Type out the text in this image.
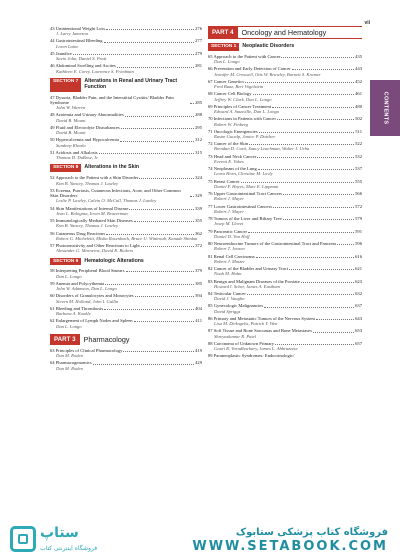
vii
43 Unintentional Weight Loss	276
J. Larry Jameson
44 Gastrointestinal Bleeding	277
Loren Laine
45 Jaundice	279
Savio John, Daniel S. Pratt
46 Abdominal Swelling and Ascites	281
Kathleen E. Corey, Lawrence S. Friedman
SECTION 7	Alterations in Renal and Urinary Tract Function
47 Dysuria, Bladder Pain, and the Interstitial Cystitis/ Bladder Pain Syndrome	285
John W. Warren
48 Azotemia and Urinary Abnormalities	288
David B. Mount
49 Fluid and Electrolyte Disturbances	295
David B. Mount
50 Hypercalcemia and Hypocalcemia	312
Sundeep Khosla
51 Acidosis and Alkalosis	315
Thomas D. DuBose, Jr.
SECTION 8	Alterations in the Skin
52 Approach to the Patient with a Skin Disorder	324
Kim B. Yancey, Thomas J. Lawley
53 Eczema, Psoriasis, Cutaneous Infections, Acne, and Other Common Skin Disorders	329
Leslie P. Lawley, Calvin O. McCall, Thomas J. Lawley
54 Skin Manifestations of Internal Disease	339
Jean L. Bolognia, Irwin M. Braverman
55 Immunologically Mediated Skin Diseases	355
Kim B. Yancey, Thomas J. Lawley
56 Cutaneous Drug Reactions	362
Robert G. Micheletti, Misha Rosenbach, Bruce U. Wintroub, Kanade Shinkai
57 Photosensitivity and Other Reactions to Light	372
Alexander G. Marneros, David R. Bickers
SECTION 9	Hematologic Alterations
58 Interpreting Peripheral Blood Smears	379
Dan L. Longo
59 Anemia and Polycythemia	385
John W. Adamson, Dan L. Longo
60 Disorders of Granulocytes and Monocytes	394
Steven M. Holland, John I. Gallin
61 Bleeding and Thrombosis	404
Barbara A. Konkle
62 Enlargement of Lymph Nodes and Spleen	411
Dan L. Longo
PART 3	Pharmacology
63 Principles of Clinical Pharmacology	419
Dan M. Roden
64 Pharmacogenomics	429
Dan M. Roden
PART 4	Oncology and Hematology
SECTION 1	Neoplastic Disorders
65 Approach to the Patient with Cancer	435
Dan L. Longo
66 Prevention and Early Detection of Cancer	443
Jennifer M. Croswell, Otis W. Brawley, Barnett S. Kramer
67 Cancer Genetics	452
Fred Bunz, Bert Vogelstein
68 Cancer Cell Biology	461
Jeffrey W. Clark, Dan L. Longo
69 Principles of Cancer Treatment	480
Edward A. Sausville, Dan L. Longo
70 Infections in Patients with Cancer	502
Robert W. Finberg
71 Oncologic Emergencies	511
Rasim Gucalp, Janice P. Dutcher
72 Cancer of the Skin	522
Brendan D. Curti, Sancy Leachman, Walter J. Urba
73 Head and Neck Cancer	532
Everett E. Vokes
74 Neoplasms of the Lung	537
Leora Horn, Christine M. Lovly
75 Breast Cancer	555
Daniel F. Hayes, Marc E. Lippman
76 Upper Gastrointestinal Tract Cancers	566
Robert J. Mayer
77 Lower Gastrointestinal Cancers	572
Robert J. Mayer
78 Tumors of the Liver and Biliary Tree	579
Josep M. Llovet
79 Pancreatic Cancer	591
Daniel D. Von Hoff
80 Neuroendocrine Tumors of the Gastrointestinal Tract and Pancreas	596
Robert T. Jensen
81 Renal Cell Carcinoma	616
Robert J. Motzer
82 Cancer of the Bladder and Urinary Tract	621
Noah M. Hahn
83 Benign and Malignant Diseases of the Prostate	623
Howard I. Scher, James A. Eastham
84 Testicular Cancer	632
David J. Vaughn
85 Gynecologic Malignancies	637
David Spriggs
86 Primary and Metastatic Tumors of the Nervous System	643
Lisa M. DeAngelis, Patrick Y. Wen
87 Soft Tissue and Bone Sarcomas and Bone Metastases	653
Shreyaskumar R. Patel
88 Carcinoma of Unknown Primary	657
Gauri R. Varadhachary, James L. Abbruzzese
89 Paraneoplastic Syndromes: Endocrinologic/
CONTENTS
ستاپ
فروشگاه اینترنتی کتاب
فروشگاه کتاب پزشکی ستابوک
WWW.SETABOOK.COM
